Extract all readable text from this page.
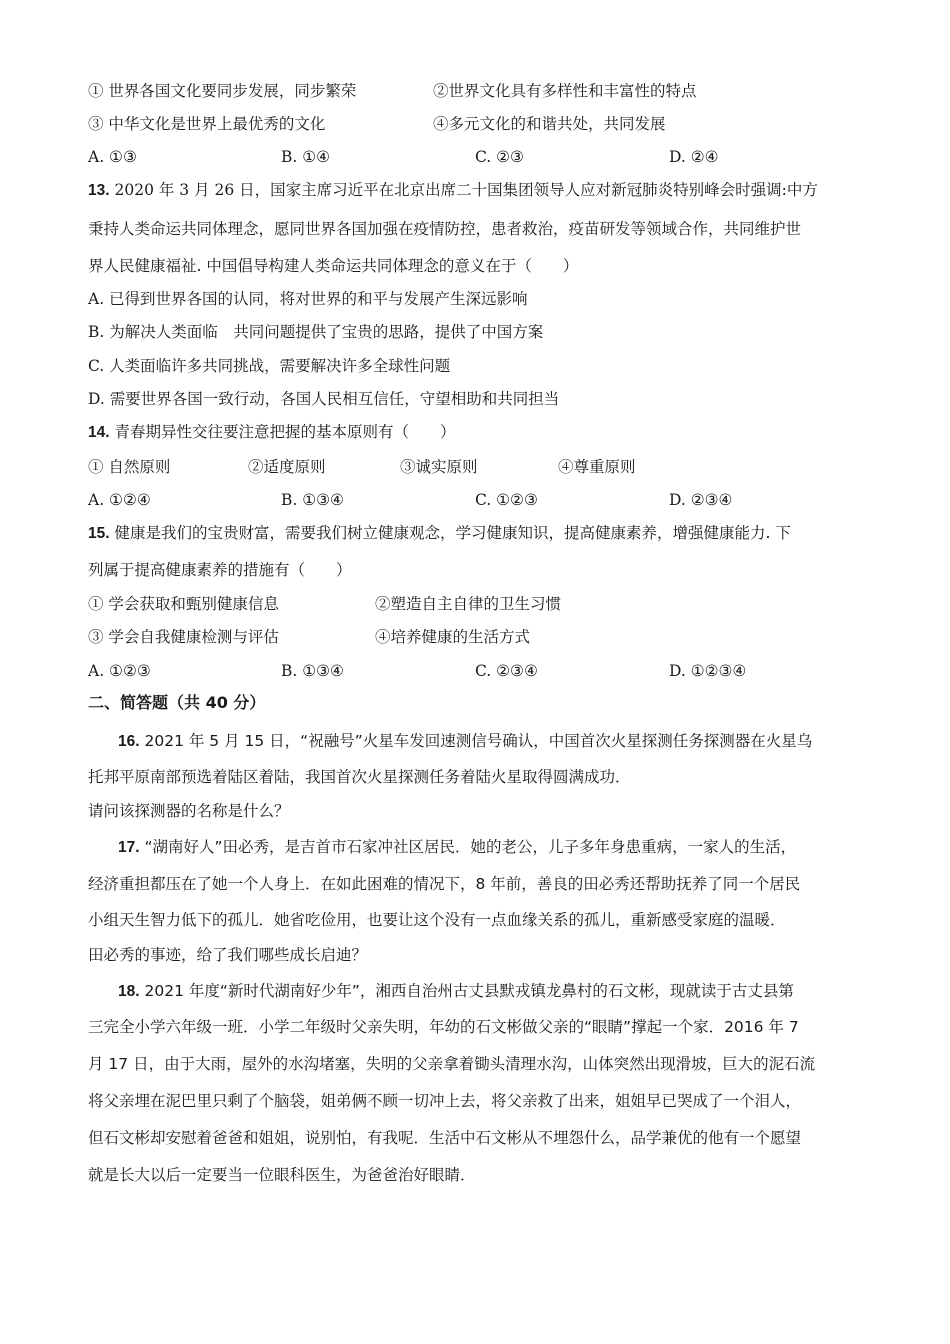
① 世界各国文化要同步发展，同步繁荣	②世界文化具有多样性和丰富性的特点
③ 中华文化是世界上最优秀的文化	④多元文化的和谐共处，共同发展
A. ①③	B. ①④	C. ②③	D. ②④
13. 2020 年 3 月 26 日，国家主席习近平在北京出席二十国集团领导人应对新冠肺炎特别峰会时强调:中方
秉持人类命运共同体理念，愿同世界各国加强在疫情防控，患者救治，疫苗研发等领域合作，共同维护世
界人民健康福祉. 中国倡导构建人类命运共同体理念的意义在于（　　）
A. 已得到世界各国的认同，将对世界的和平与发展产生深远影响
B. 为解决人类面临　共同问题提供了宝贵的思路，提供了中国方案
C. 人类面临许多共同挑战，需要解决许多全球性问题
D. 需要世界各国一致行动，各国人民相互信任，守望相助和共同担当
14. 青春期异性交往要注意把握的基本原则有（　　）
① 自然原则	②适度原则	③诚实原则	④尊重原则
A. ①②④	B. ①③④	C. ①②③	D. ②③④
15. 健康是我们的宝贵财富，需要我们树立健康观念，学习健康知识，提高健康素养，增强健康能力. 下
列属于提高健康素养的措施有（　　）
① 学会获取和甄别健康信息	②塑造自主自律的卫生习惯
③ 学会自我健康检测与评估	④培养健康的生活方式
A. ①②③	B. ①③④	C. ②③④	D. ①②③④
二、简答题（共 40 分）
16. 2021 年 5 月 15 日，“祝融号”火星车发回速测信号确认，中国首次火星探测任务探测器在火星乌
托邦平原南部预选着陆区着陆，我国首次火星探测任务着陆火星取得圆满成功．
请问该探测器的名称是什么？
17. “湖南好人”田必秀，是吉首市石家冲社区居民．她的老公，儿子多年身患重病，一家人的生活，
经济重担都压在了她一个人身上．在如此困难的情况下，8 年前，善良的田必秀还帮助抚养了同一个居民
小组天生智力低下的孤儿．她省吃俭用，也要让这个没有一点血缘关系的孤儿，重新感受家庭的温暖．
田必秀的事迹，给了我们哪些成长启迪？
18. 2021 年度“新时代湖南好少年”，湘西自治州古丈县默戎镇龙鼻村的石文彬，现就读于古丈县第
三完全小学六年级一班．小学二年级时父亲失明，年幼的石文彬做父亲的“眼睛”撑起一个家．2016 年 7
月 17 日，由于大雨，屋外的水沟堵塞，失明的父亲拿着锄头清理水沟，山体突然出现滑坡，巨大的泥石流
将父亲埋在泥巴里只剩了个脑袋，姐弟俩不顾一切冲上去，将父亲救了出来，姐姐早已哭成了一个泪人，
但石文彬却安慰着爸爸和姐姐，说别怕，有我呢．生活中石文彬从不埋怨什么，品学兼优的他有一个愿望
就是长大以后一定要当一位眼科医生，为爸爸治好眼睛．
